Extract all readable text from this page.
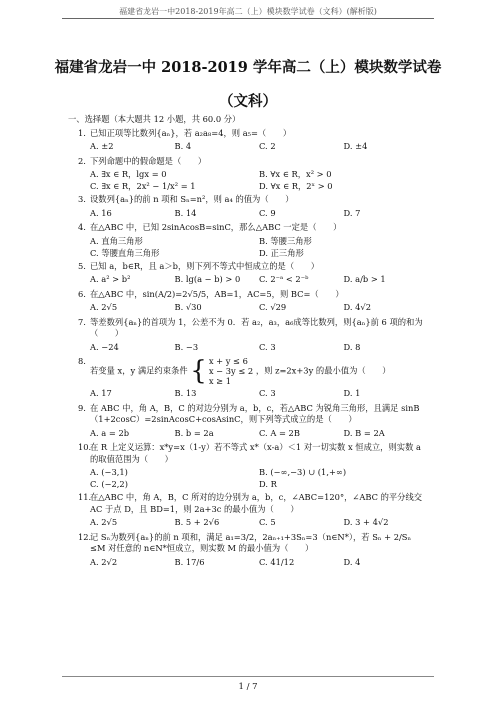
福建省龙岩一中2018-2019年高二（上）模块数学试卷（文科）(解析版)
福建省龙岩一中 2018-2019 学年高二（上）模块数学试卷
（文科）
一、选择题（本大题共 12 小题，共 60.0 分）
1. 已知正项等比数列{aₙ}，若 a₂a₈=4，则 a₅=（　　）
A. ±2	B. 4	C. 2	D. ±4
2. 下列命题中的假命题是（　　）
A. ∃x ∈ R，lgx = 0	B. ∀x ∈ R，x² > 0
C. ∃x ∈ R，2x² − 1/x² = 1	D. ∀x ∈ R，2ˣ > 0
3. 设数列{aₙ}的前 n 项和 Sₙ=n²，则 a₄ 的值为（　　）
A. 16	B. 14	C. 9	D. 7
4. 在△ABC 中，已知 2sinAcosB=sinC，那么△ABC 一定是（　　）
A. 直角三角形	B. 等腰三角形
C. 等腰直角三角形	D. 正三角形
5. 已知 a，b∈R，且 a＞b，则下列不等式中恒成立的是（　　）
A. a² > b²	B. lg(a − b) > 0	C. 2⁻ᵃ < 2⁻ᵇ	D. a/b > 1
6. 在△ABC 中，sin(A/2)=2√5/5，AB=1，AC=5，则 BC=（　　）
A. 2√5	B. √30	C. √29	D. 4√2
7. 等差数列{aₙ}的首项为 1，公差不为 0．若 a₂，a₃，a₆成等比数列，则{aₙ}前 6 项的和为（　　）
A. −24	B. −3	C. 3	D. 8
8.
若变量 x，y 满足约束条件 { x + y ≤ 6
x − 3y ≤ 2
x ≥ 1
，则 z=2x+3y 的最小值为（　　）
A. 17	B. 13	C. 3	D. 1
9. 在 ABC 中，角 A，B，C 的对边分别为 a，b，c，若△ABC 为锐角三角形，且满足 sinB（1+2cosC）=2sinAcosC+cosAsinC，则下列等式成立的是（　　）
A. a = 2b	B. b = 2a	C. A = 2B	D. B = 2A
10.
在 R 上定义运算：x*y=x（1-y）若不等式 x*（x-a）＜1 对一切实数 x 恒成立，则实数 a 的取值范围为（　　）
A. (−3,1)	B. (−∞,−3) ∪ (1,+∞)
C. (−2,2)	D. R
11.
在△ABC 中，角 A，B，C 所对的边分别为 a，b，c，∠ABC=120°，∠ABC 的平分线交 AC 于点 D，且 BD=1，则 2a+3c 的最小值为（　　）
A. 2√5	B. 5 + 2√6	C. 5	D. 3 + 4√2
12.
记 Sₙ为数列{aₙ}的前 n 项和，满足 a₁=3/2，2aₙ₊₁+3Sₙ=3（n∈N*），若 Sₙ + 2/Sₙ ≤M 对任意的 n∈N*恒成立，则实数 M 的最小值为（　　）
A. 2√2	B. 17/6	C. 41/12	D. 4
1 / 7
